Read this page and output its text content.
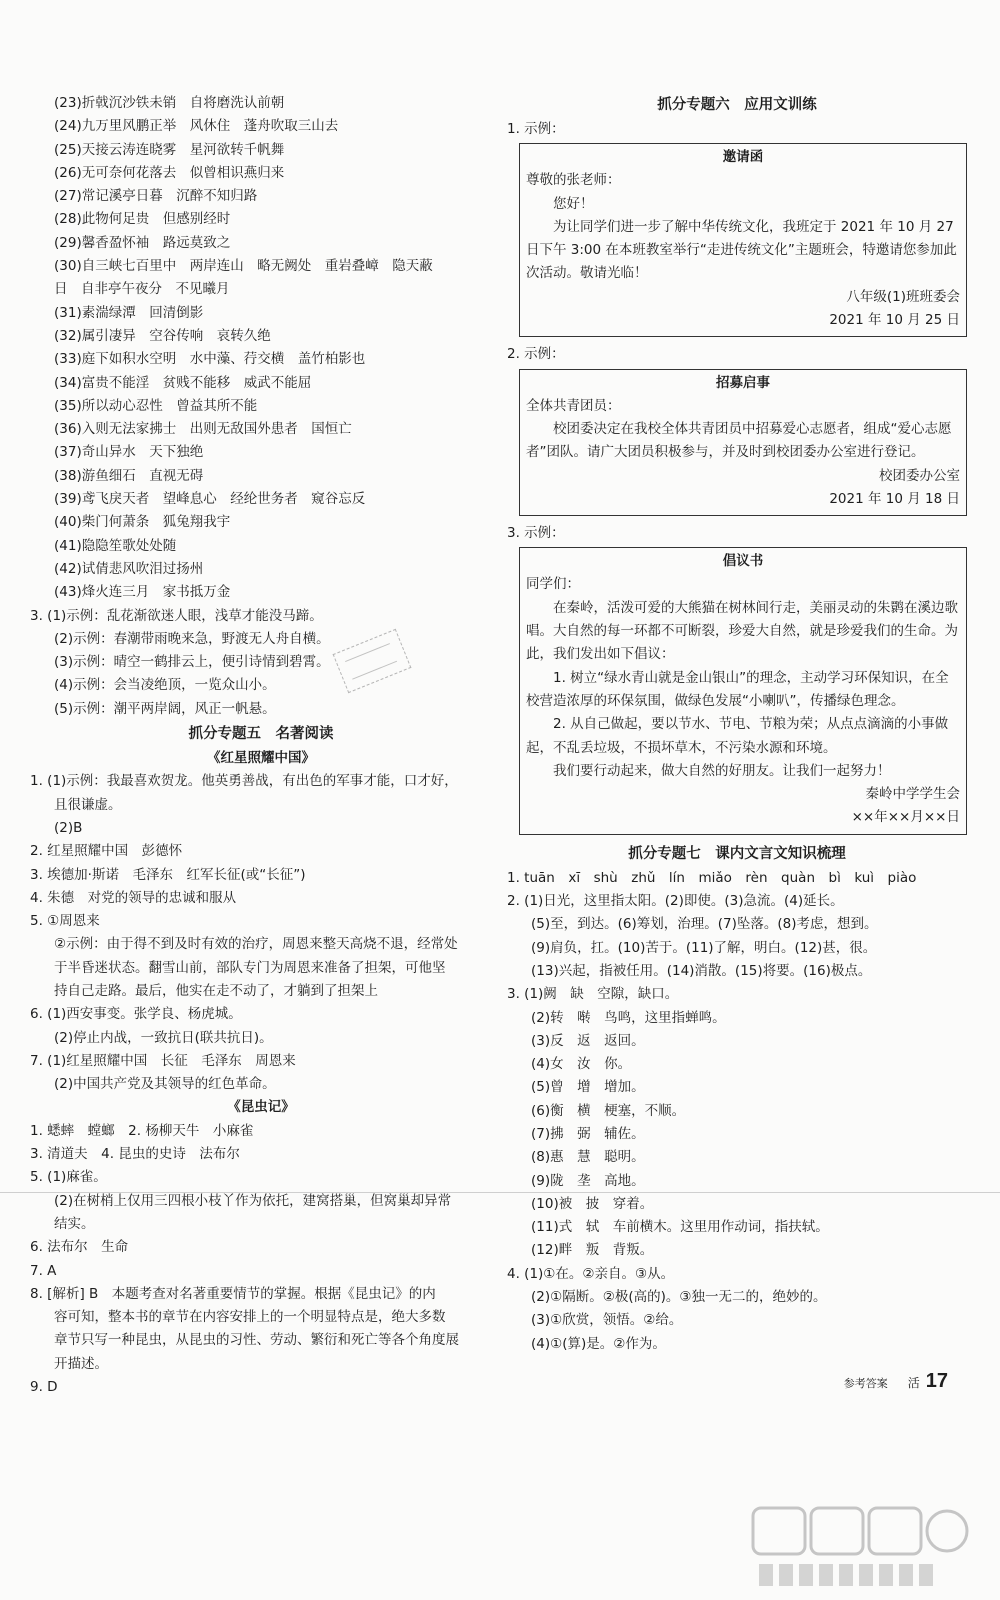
(23)折戟沉沙铁未销　自将磨洗认前朝
(24)九万里风鹏正举　风休住　蓬舟吹取三山去
(25)天接云涛连晓雾　星河欲转千帆舞
(26)无可奈何花落去　似曾相识燕归来
(27)常记溪亭日暮　沉醉不知归路
(28)此物何足贵　但感别经时
(29)馨香盈怀袖　路远莫致之
(30)自三峡七百里中　两岸连山　略无阙处　重岩叠嶂　隐天蔽
日　自非亭午夜分　不见曦月
(31)素湍绿潭　回清倒影
(32)属引凄异　空谷传响　哀转久绝
(33)庭下如积水空明　水中藻、荇交横　盖竹柏影也
(34)富贵不能淫　贫贱不能移　威武不能屈
(35)所以动心忍性　曾益其所不能
(36)入则无法家拂士　出则无敌国外患者　国恒亡
(37)奇山异水　天下独绝
(38)游鱼细石　直视无碍
(39)鸢飞戾天者　望峰息心　经纶世务者　窥谷忘反
(40)柴门何萧条　狐兔翔我宇
(41)隐隐笙歌处处随
(42)试倩悲风吹泪过扬州
(43)烽火连三月　家书抵万金
3. (1)示例：乱花渐欲迷人眼，浅草才能没马蹄。
(2)示例：春潮带雨晚来急，野渡无人舟自横。
(3)示例：晴空一鹤排云上，便引诗情到碧霄。
(4)示例：会当凌绝顶，一览众山小。
(5)示例：潮平两岸阔，风正一帆悬。
抓分专题五　名著阅读
《红星照耀中国》
1. (1)示例：我最喜欢贺龙。他英勇善战，有出色的军事才能，口才好，
且很谦虚。
(2)B
2. 红星照耀中国　彭德怀
3. 埃德加·斯诺　毛泽东　红军长征(或“长征”)
4. 朱德　对党的领导的忠诚和服从
5. ①周恩来
②示例：由于得不到及时有效的治疗，周恩来整天高烧不退，经常处
于半昏迷状态。翻雪山前，部队专门为周恩来准备了担架，可他坚
持自己走路。最后，他实在走不动了，才躺到了担架上
6. (1)西安事变。张学良、杨虎城。
(2)停止内战，一致抗日(联共抗日)。
7. (1)红星照耀中国　长征　毛泽东　周恩来
(2)中国共产党及其领导的红色革命。
《昆虫记》
1. 蟋蟀　螳螂　2. 杨柳天牛　小麻雀
3. 清道夫　4. 昆虫的史诗　法布尔
5. (1)麻雀。
(2)在树梢上仅用三四根小枝丫作为依托，建窝搭巢，但窝巢却异常
结实。
6. 法布尔　生命
7. A
8. [解析] B　本题考查对名著重要情节的掌握。根据《昆虫记》的内
容可知，整本书的章节在内容安排上的一个明显特点是，绝大多数
章节只写一种昆虫，从昆虫的习性、劳动、繁衍和死亡等各个角度展
开描述。
9. D
抓分专题六　应用文训练
1. 示例：
邀请函
尊敬的张老师：
您好！
为让同学们进一步了解中华传统文化，我班定于 2021 年 10 月 27 日下午 3:00 在本班教室举行“走进传统文化”主题班会，特邀请您参加此次活动。敬请光临！
八年级(1)班班委会
2021 年 10 月 25 日
2. 示例：
招募启事
全体共青团员：
校团委决定在我校全体共青团员中招募爱心志愿者，组成“爱心志愿者”团队。请广大团员积极参与，并及时到校团委办公室进行登记。
校团委办公室
2021 年 10 月 18 日
3. 示例：
倡议书
同学们：
在秦岭，活泼可爱的大熊猫在树林间行走，美丽灵动的朱鹮在溪边歌唱。大自然的每一环都不可断裂，珍爱大自然，就是珍爱我们的生命。为此，我们发出如下倡议：
1. 树立“绿水青山就是金山银山”的理念，主动学习环保知识，在全校营造浓厚的环保氛围，做绿色发展“小喇叭”，传播绿色理念。
2. 从自己做起，要以节水、节电、节粮为荣；从点点滴滴的小事做起，不乱丢垃圾，不损坏草木，不污染水源和环境。
我们要行动起来，做大自然的好朋友。让我们一起努力！
秦岭中学学生会
××年××月××日
抓分专题七　课内文言文知识梳理
1. tuān　xī　shù　zhǔ　lín　miǎo　rèn　quàn　bì　kuì　piào
2. (1)日光，这里指太阳。(2)即使。(3)急流。(4)延长。
(5)至，到达。(6)筹划，治理。(7)坠落。(8)考虑，想到。
(9)肩负，扛。(10)苦于。(11)了解，明白。(12)甚，很。
(13)兴起，指被任用。(14)消散。(15)将要。(16)极点。
3. (1)阙　缺　空隙，缺口。
(2)转　啭　鸟鸣，这里指蝉鸣。
(3)反　返　返回。
(4)女　汝　你。
(5)曾　增　增加。
(6)衡　横　梗塞，不顺。
(7)拂　弼　辅佐。
(8)惠　慧　聪明。
(9)陇　垄　高地。
(10)被　披　穿着。
(11)式　轼　车前横木。这里用作动词，指扶轼。
(12)畔　叛　背叛。
4. (1)①在。②亲自。③从。
(2)①隔断。②极(高的)。③独一无二的，绝妙的。
(3)①欣赏，领悟。②给。
(4)①(算)是。②作为。
参考答案 活 17
